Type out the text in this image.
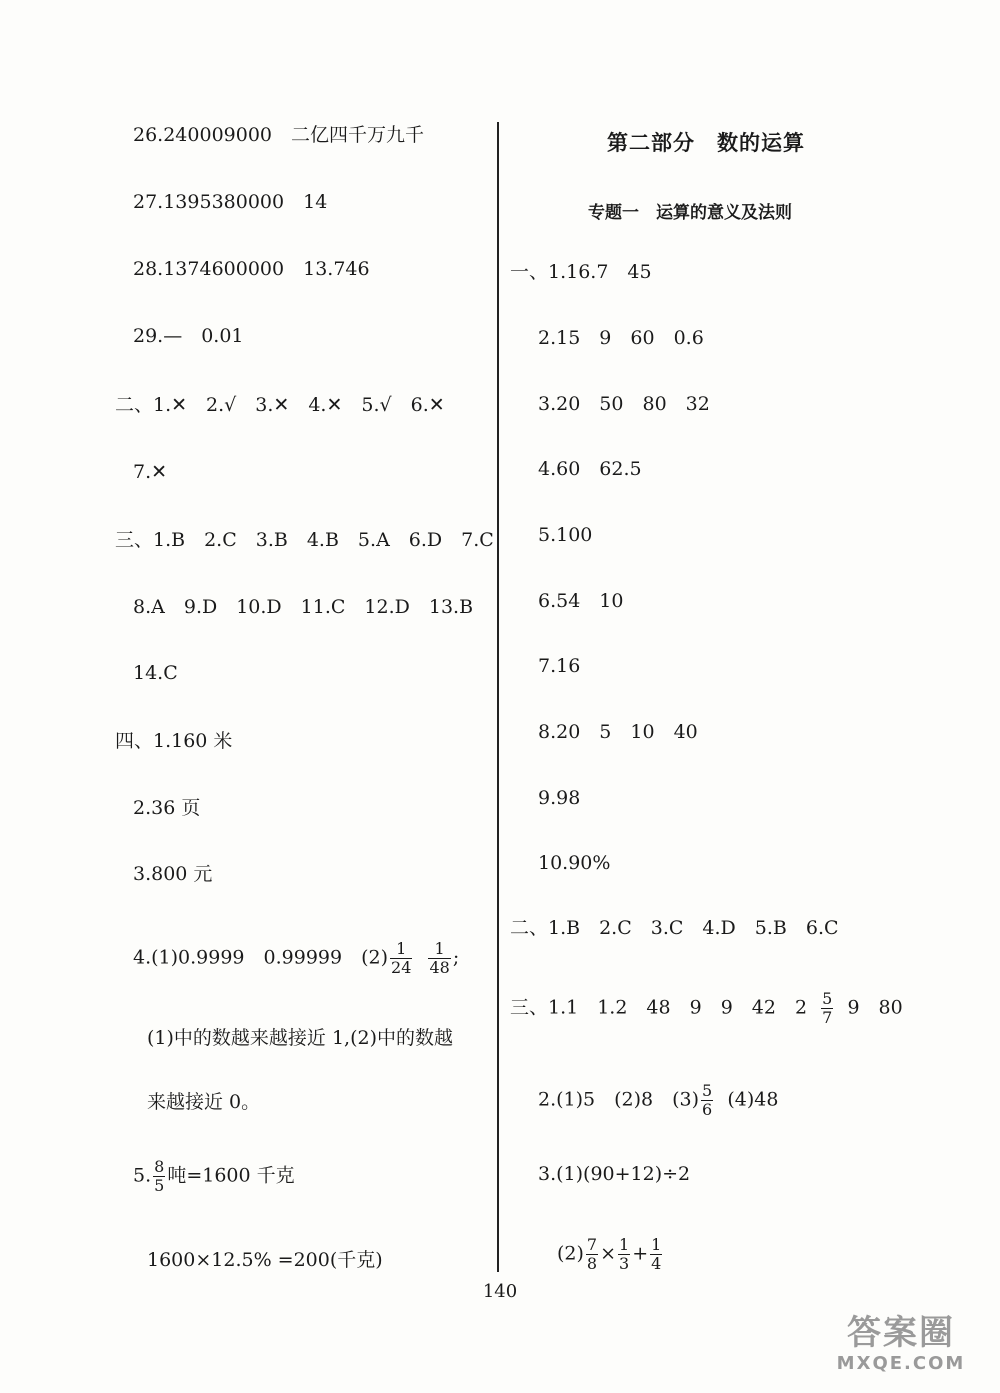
26.240009000　二亿四千万九千
27.1395380000　14
28.1374600000　13.746
29.—　0.01
二、1.✕　2.√　3.✕　4.✕　5.√　6.✕
7.✕
三、1.B　2.C　3.B　4.B　5.A　6.D　7.C
8.A　9.D　10.D　11.C　12.D　13.B
14.C
四、1.160 米
2.36 页
3.800 元
4.(1)0.9999　0.99999　$(2) \frac{1}{24}$
$\frac{1}{48}$ ;
(1)中的数越来越接近 1,(2)中的数越
来越接近 0。
5. $\frac{8}{5}$ 吨=1600 千克
1600×12.5% =200(千克)
第二部分　数的运算
专题一　运算的意义及法则
一、1.16.7　45
2.15　9　60　0.6
3.20　50　80　32
4.60　62.5
5.100
6.54　10
7.16
8.20　5　10　40
9.98
10.90%
二、1.B　2.C　3.C　4.D　5.B　6.C
三、1.1　1.2　48　9　9　42　$2 \frac{5}{7} 9$　80
2.(1)5　(2)8　$(3) \frac{5}{6} (4)48$
3.(1)(90+12)÷2
$(2) \frac{7}{8} \times \frac{1}{3} + \frac{1}{4}$
140
答案圈
MXQE.COM
